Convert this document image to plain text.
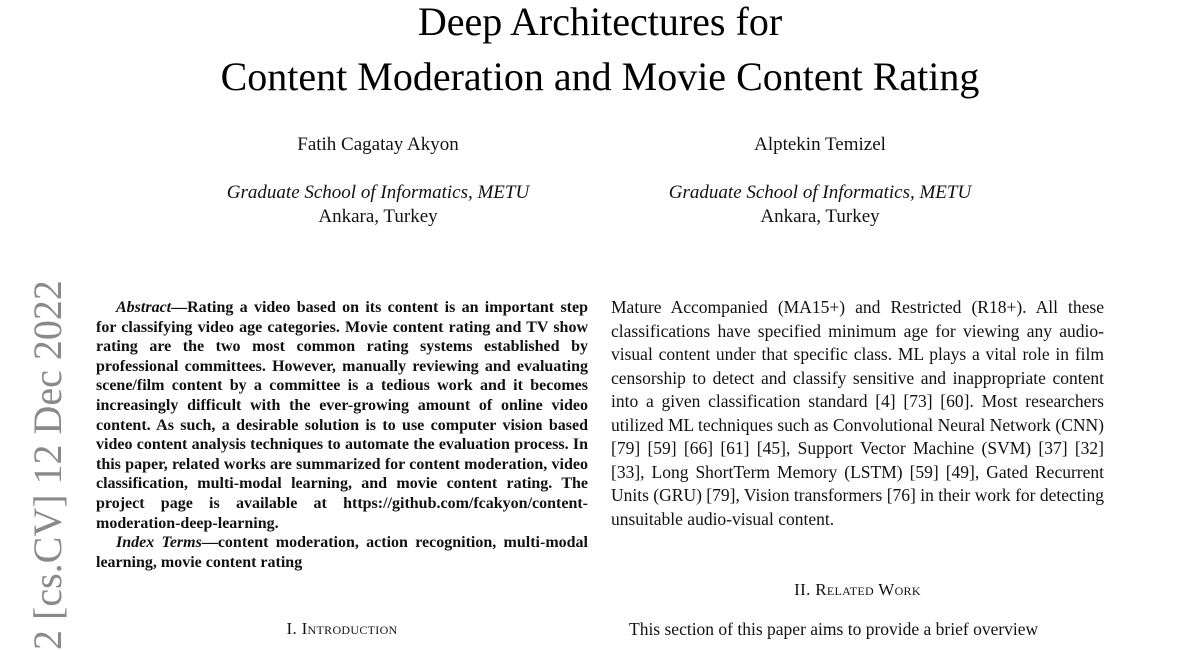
Deep Architectures for
Content Moderation and Movie Content Rating
Fatih Cagatay Akyon
Graduate School of Informatics, METU
Ankara, Turkey
Alptekin Temizel
Graduate School of Informatics, METU
Ankara, Turkey
2 [cs.CV] 12 Dec 2022	Abstract—Rating a video based on its content is an important step for classifying video age categories. Movie content rating and TV show rating are the two most common rating systems established by professional committees. However, manually reviewing and evaluating scene/film content by a committee is a tedious work and it becomes increasingly difficult with the ever-growing amount of online video content. As such, a desirable solution is to use computer vision based video content analysis techniques to automate the evaluation process. In this paper, related works are summarized for content moderation, video classification, multi-modal learning, and movie content rating. The project page is available at https://github.com/fcakyon/content-moderation-deep-learning.

Index Terms—content moderation, action recognition, multi-modal learning, movie content rating

I. Introduction

Mature Accompanied (MA15+) and Restricted (R18+). All these classifications have specified minimum age for viewing any audio-visual content under that specific class. ML plays a vital role in film censorship to detect and classify sensitive and inappropriate content into a given classification standard [4] [73] [60]. Most researchers utilized ML techniques such as Convolutional Neural Network (CNN) [79] [59] [66] [61] [45], Support Vector Machine (SVM) [37] [32] [33], Long ShortTerm Memory (LSTM) [59] [49], Gated Recurrent Units (GRU) [79], Vision transformers [76] in their work for detecting unsuitable audio-visual content.

II. Related Work

This section of this paper aims to provide a brief overview
